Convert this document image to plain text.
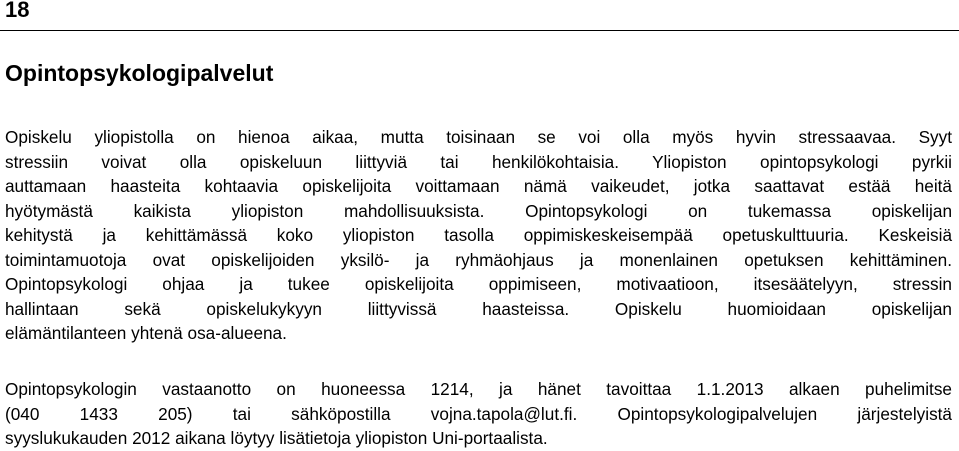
18
Opintopsykologipalvelut

Opiskelu yliopistolla on hienoa aikaa, mutta toisinaan se voi olla myös hyvin stressaavaa. Syyt
stressiin voivat olla opiskeluun liittyviä tai henkilökohtaisia. Yliopiston opintopsykologi pyrkii
auttamaan haasteita kohtaavia opiskelijoita voittamaan nämä vaikeudet, jotka saattavat estää heitä
hyötymästä kaikista yliopiston mahdollisuuksista. Opintopsykologi on tukemassa opiskelijan
kehitystä ja kehittämässä koko yliopiston tasolla oppimiskeskeisempää opetuskulttuuria. Keskeisiä
toimintamuotoja ovat opiskelijoiden yksilö- ja ryhmäohjaus ja monenlainen opetuksen kehittäminen.
Opintopsykologi ohjaa ja tukee opiskelijoita oppimiseen, motivaatioon, itsesäätelyyn, stressin
hallintaan sekä opiskelukykyyn liittyvissä haasteissa. Opiskelu huomioidaan opiskelijan
elämäntilanteen yhtenä osa-alueena.

Opintopsykologin vastaanotto on huoneessa 1214, ja hänet tavoittaa 1.1.2013 alkaen puhelimitse
(040 1433 205) tai sähköpostilla vojna.tapola@lut.fi. Opintopsykologipalvelujen järjestelyistä
syyslukukauden 2012 aikana löytyy lisätietoja yliopiston Uni-portaalista.
